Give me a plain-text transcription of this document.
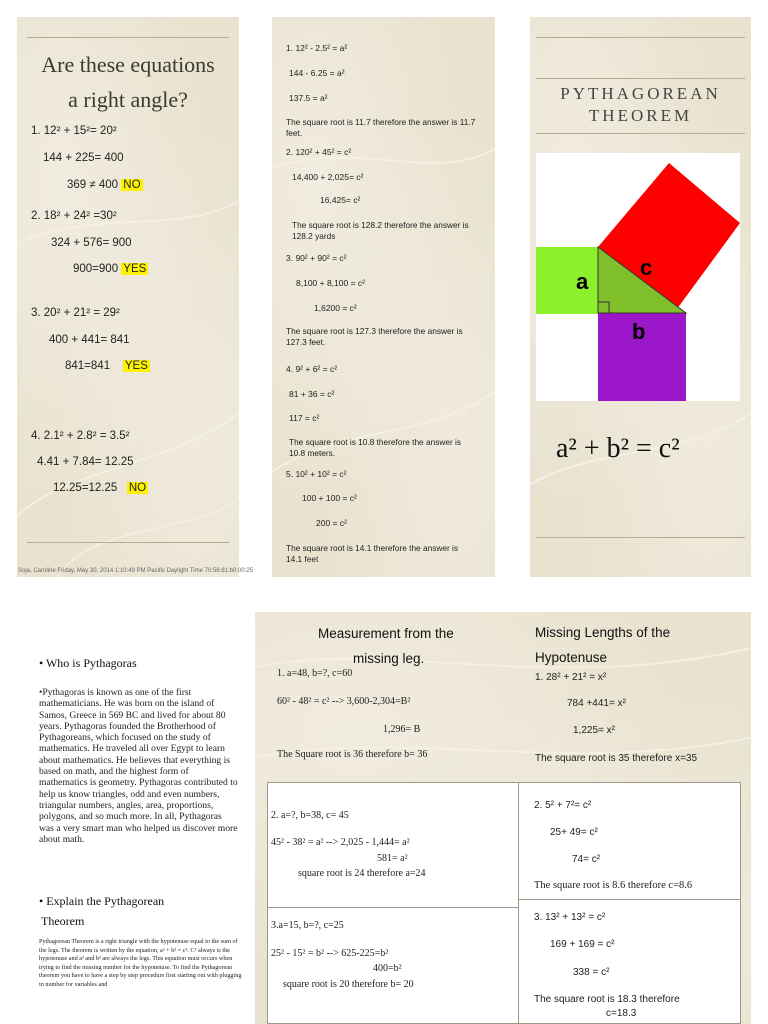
Are these equations
a right angle?
1. 12² + 15²= 20²
144 + 225= 400
369 ≠ 400 NO
2. 18² + 24² =30²
324 + 576= 900
900=900 YES
3. 20² + 21² = 29²
400 + 441= 841
841=841 YES
4. 2.1² + 2.8² = 3.5²
4.41 + 7.84= 12.25
12.25=12.25 NO
1. 12² - 2.5² = a²
144 - 6.25 = a²
137.5 = a²
The square root is 11.7 therefore the answer is 11.7 feet.
2. 120² + 45² = c²
14,400 + 2,025= c²
16,425= c²
The square root is 128.2 therefore the answer is 128.2 yards
3. 90² + 90² = c²
8,100 + 8,100 = c²
1,6200 = c²
The square root is 127.3 therefore the answer is 127.3 feet.
4. 9² + 6² = c²
81 + 36 = c²
117 = c²
The square root is 10.8 therefore the answer is 10.8 meters.
5. 10² + 10² = c²
100 + 100 = c²
200 = c²
The square root is 14.1 therefore the answer is 14.1 feet
PYTHAGOREAN THEOREM
a
c
b
a² + b² = c²
Soja, Caroline Friday, May 30, 2014 1:10:49 PM Pacific Daylight Time 70:56:81:b0:00:25
• Who is Pythagoras
•Pythagoras is known as one of the first mathematicians. He was born on the island of Samos, Greece in 569 BC and lived for about 80 years. Pythagoras founded the Brotherhood of Pythagoreans, which focused on the study of mathematics. He traveled all over Egypt to learn about mathematics. He believes that everything is based on math, and the highest form of mathematics is geometry. Pythagoras contributed to help us know triangles, odd and even numbers, triangular numbers, angles, area, proportions, polygons, and so much more. In all, Pythagoras was a very smart man who helped us discover more about math.
• Explain the Pythagorean
Theorem
Pythagorean Theorem is a right triangle with the hypotenuse equal to the sum of the legs. The theorem is written by the equation, a² + b² = c². C² always is the hypotenuse and a² and b² are always the legs. This equation must occurs when trying to find the missing number for the hypotenuse. To find the Pythagorean theorem you have to have a step by step procedure first starting out with plugging in number for variables and
Measurement from the
missing leg.
1. a=48, b=?, c=60
60² - 48² = c² --> 3,600-2,304=B²
1,296= B
The Square root is 36 therefore b= 36
Missing Lengths of the
Hypotenuse
1. 28² + 21² = x²
784 +441= x²
1,225= x²
The square root is 35 therefore x=35
2. a=?, b=38, c= 45
45² - 38² = a² --> 2,025 - 1,444= a²
581= a²
square root is 24 therefore a=24
2. 5² + 7²= c²
25+ 49= c²
74= c²
The square root is 8.6 therefore c=8.6
3.a=15, b=?, c=25
25² - 15² = b² --> 625-225=b²
400=b²
square root is 20 therefore b= 20
3. 13² + 13² = c²
169 + 169 = c²
338 = c²
The square root is 18.3 therefore
c=18.3
